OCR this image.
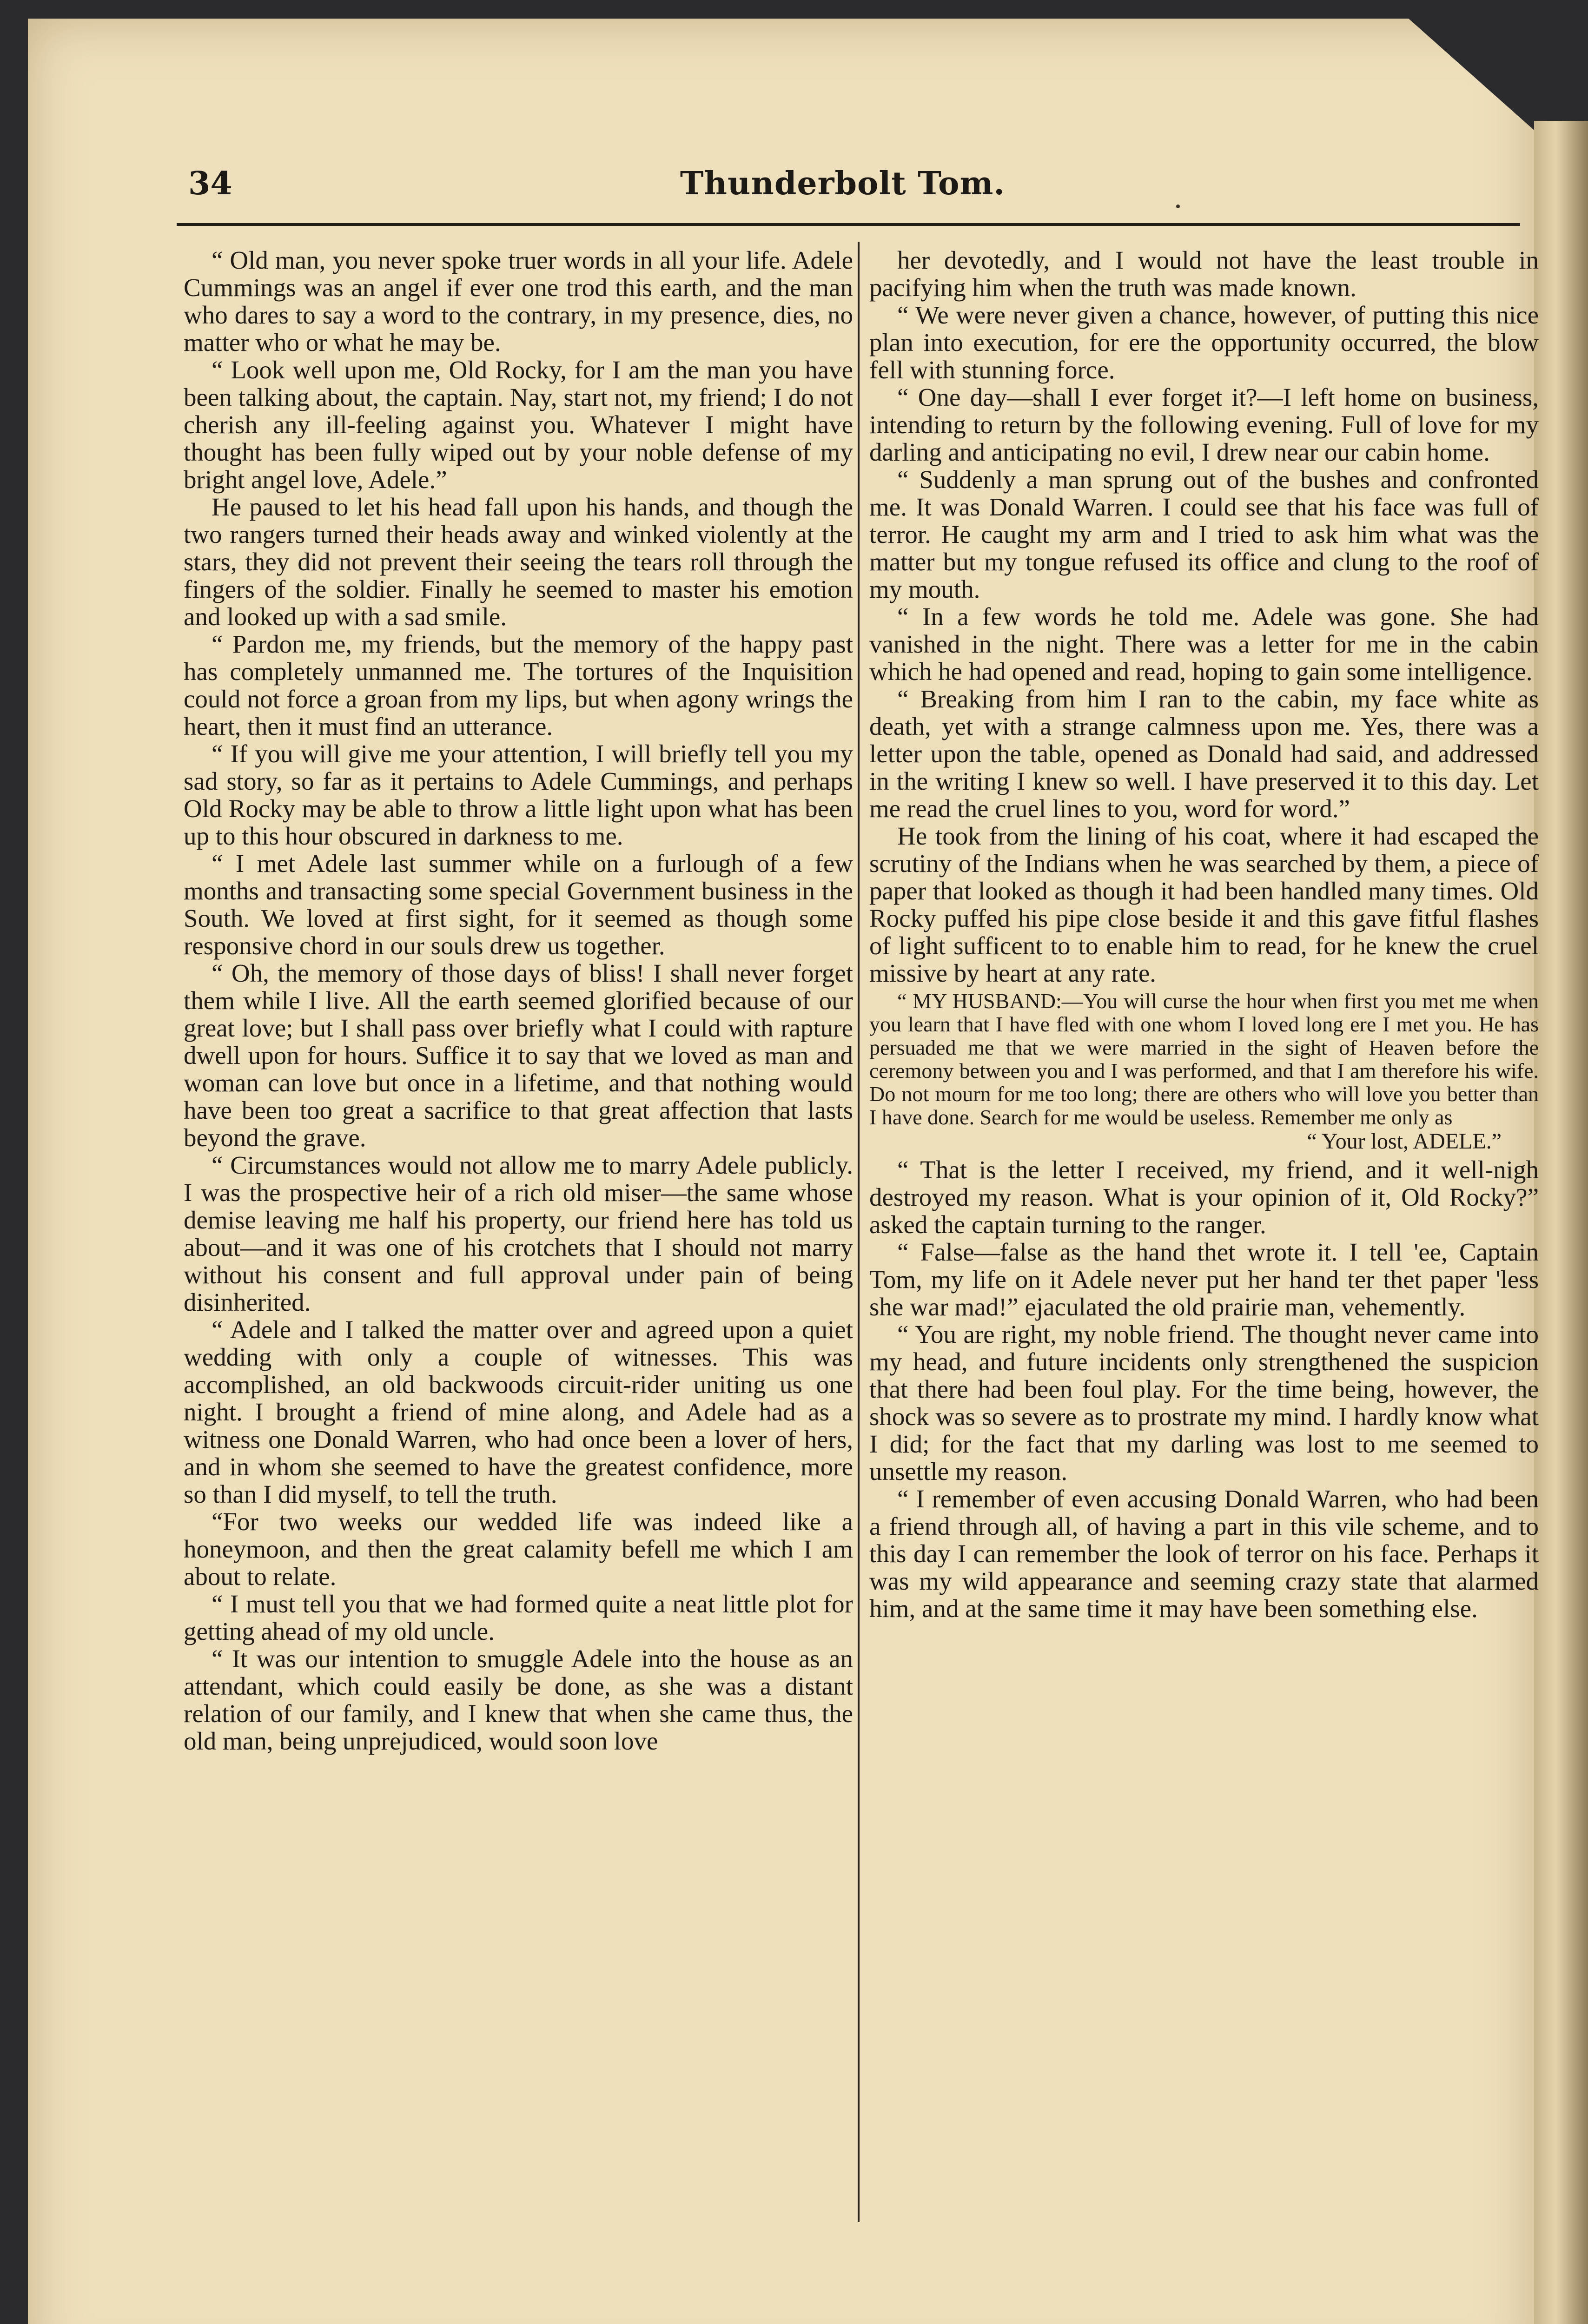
34	Thunderbolt Tom.

“ Old man, you never spoke truer words in all your life. Adele Cummings was an angel if ever one trod this earth, and the man who dares to say a word to the contrary, in my presence, dies, no matter who or what he may be.

“ Look well upon me, Old Rocky, for I am the man you have been talking about, the captain. Nay, start not, my friend; I do not cherish any ill-feeling against you. Whatever I might have thought has been fully wiped out by your noble defense of my bright angel love, Adele.”

He paused to let his head fall upon his hands, and though the two rangers turned their heads away and winked violently at the stars, they did not prevent their seeing the tears roll through the fingers of the soldier. Finally he seemed to master his emotion and looked up with a sad smile.

“ Pardon me, my friends, but the memory of the happy past has completely unmanned me. The tortures of the Inquisition could not force a groan from my lips, but when agony wrings the heart, then it must find an utterance.

“ If you will give me your attention, I will briefly tell you my sad story, so far as it pertains to Adele Cummings, and perhaps Old Rocky may be able to throw a little light upon what has been up to this hour obscured in darkness to me.

“ I met Adele last summer while on a furlough of a few months and transacting some special Government business in the South. We loved at first sight, for it seemed as though some responsive chord in our souls drew us together.

“ Oh, the memory of those days of bliss! I shall never forget them while I live. All the earth seemed glorified because of our great love; but I shall pass over briefly what I could with rapture dwell upon for hours. Suffice it to say that we loved as man and woman can love but once in a lifetime, and that nothing would have been too great a sacrifice to that great affection that lasts beyond the grave.

“ Circumstances would not allow me to marry Adele publicly. I was the prospective heir of a rich old miser—the same whose demise leaving me half his property, our friend here has told us about—and it was one of his crotchets that I should not marry without his consent and full approval under pain of being disinherited.

“ Adele and I talked the matter over and agreed upon a quiet wedding with only a couple of witnesses. This was accomplished, an old backwoods circuit-rider uniting us one night. I brought a friend of mine along, and Adele had as a witness one Donald Warren, who had once been a lover of hers, and in whom she seemed to have the greatest confidence, more so than I did myself, to tell the truth.

“For two weeks our wedded life was indeed like a honeymoon, and then the great calamity befell me which I am about to relate.

“ I must tell you that we had formed quite a neat little plot for getting ahead of my old uncle.

“ It was our intention to smuggle Adele into the house as an attendant, which could easily be done, as she was a distant relation of our family, and I knew that when she came thus, the old man, being unprejudiced, would soon love

her devotedly, and I would not have the least trouble in pacifying him when the truth was made known.

“ We were never given a chance, however, of putting this nice plan into execution, for ere the opportunity occurred, the blow fell with stunning force.

“ One day—shall I ever forget it?—I left home on business, intending to return by the following evening. Full of love for my darling and anticipating no evil, I drew near our cabin home.

“ Suddenly a man sprung out of the bushes and confronted me. It was Donald Warren. I could see that his face was full of terror. He caught my arm and I tried to ask him what was the matter but my tongue refused its office and clung to the roof of my mouth.

“ In a few words he told me. Adele was gone. She had vanished in the night. There was a letter for me in the cabin which he had opened and read, hoping to gain some intelligence.

“ Breaking from him I ran to the cabin, my face white as death, yet with a strange calmness upon me. Yes, there was a letter upon the table, opened as Donald had said, and addressed in the writing I knew so well. I have preserved it to this day. Let me read the cruel lines to you, word for word.”

He took from the lining of his coat, where it had escaped the scrutiny of the Indians when he was searched by them, a piece of paper that looked as though it had been handled many times. Old Rocky puffed his pipe close beside it and this gave fitful flashes of light sufficent to to enable him to read, for he knew the cruel missive by heart at any rate.

“ MY HUSBAND:—You will curse the hour when first you met me when you learn that I have fled with one whom I loved long ere I met you. He has persuaded me that we were married in the sight of Heaven before the ceremony between you and I was performed, and that I am therefore his wife. Do not mourn for me too long; there are others who will love you better than I have done. Search for me would be useless. Remember me only as

“ Your lost, ADELE.”

“ That is the letter I received, my friend, and it well-nigh destroyed my reason. What is your opinion of it, Old Rocky?” asked the captain turning to the ranger.

“ False—false as the hand thet wrote it. I tell 'ee, Captain Tom, my life on it Adele never put her hand ter thet paper 'less she war mad!” ejaculated the old prairie man, vehemently.

“ You are right, my noble friend. The thought never came into my head, and future incidents only strengthened the suspicion that there had been foul play. For the time being, however, the shock was so severe as to prostrate my mind. I hardly know what I did; for the fact that my darling was lost to me seemed to unsettle my reason.

“ I remember of even accusing Donald Warren, who had been a friend through all, of having a part in this vile scheme, and to this day I can remember the look of terror on his face. Perhaps it was my wild appearance and seeming crazy state that alarmed him, and at the same time it may have been something else.
